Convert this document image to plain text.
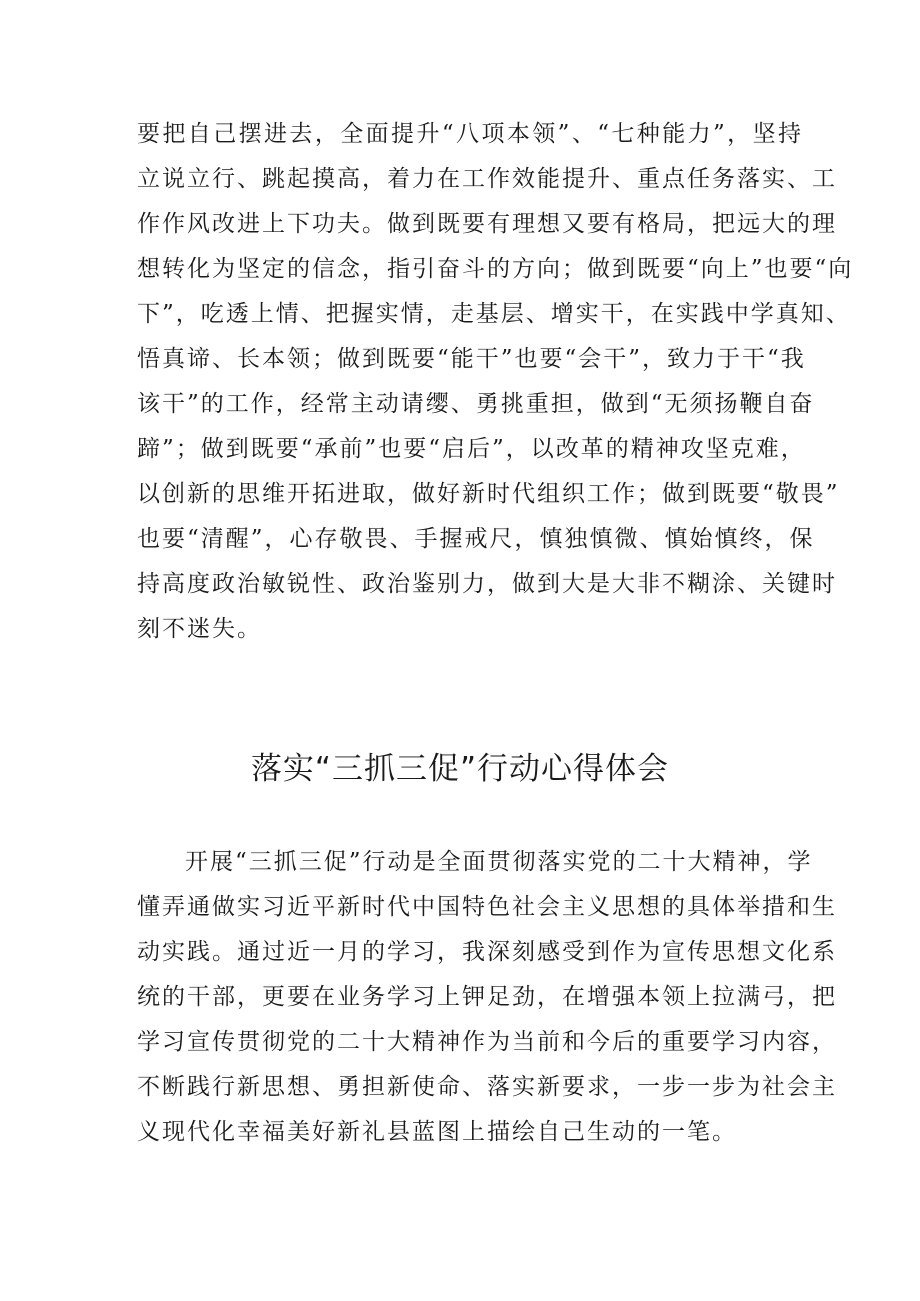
要把自己摆进去，全面提升“八项本领”、“七种能力”，坚持
立说立行、跳起摸高，着力在工作效能提升、重点任务落实、工
作作风改进上下功夫。做到既要有理想又要有格局，把远大的理
想转化为坚定的信念，指引奋斗的方向；做到既要“向上”也要“向
下”，吃透上情、把握实情，走基层、增实干，在实践中学真知、
悟真谛、长本领；做到既要“能干”也要“会干”，致力于干“我
该干”的工作，经常主动请缨、勇挑重担，做到“无须扬鞭自奋
蹄”；做到既要“承前”也要“启后”，以改革的精神攻坚克难，
以创新的思维开拓进取，做好新时代组织工作；做到既要“敬畏”
也要“清醒”，心存敬畏、手握戒尺，慎独慎微、慎始慎终，保
持高度政治敏锐性、政治鉴别力，做到大是大非不糊涂、关键时
刻不迷失。
落实“三抓三促”行动心得体会
开展“三抓三促”行动是全面贯彻落实党的二十大精神，学
懂弄通做实习近平新时代中国特色社会主义思想的具体举措和生
动实践。通过近一月的学习，我深刻感受到作为宣传思想文化系
统的干部，更要在业务学习上钾足劲，在增强本领上拉满弓，把
学习宣传贯彻党的二十大精神作为当前和今后的重要学习内容，
不断践行新思想、勇担新使命、落实新要求，一步一步为社会主
义现代化幸福美好新礼县蓝图上描绘自己生动的一笔。
